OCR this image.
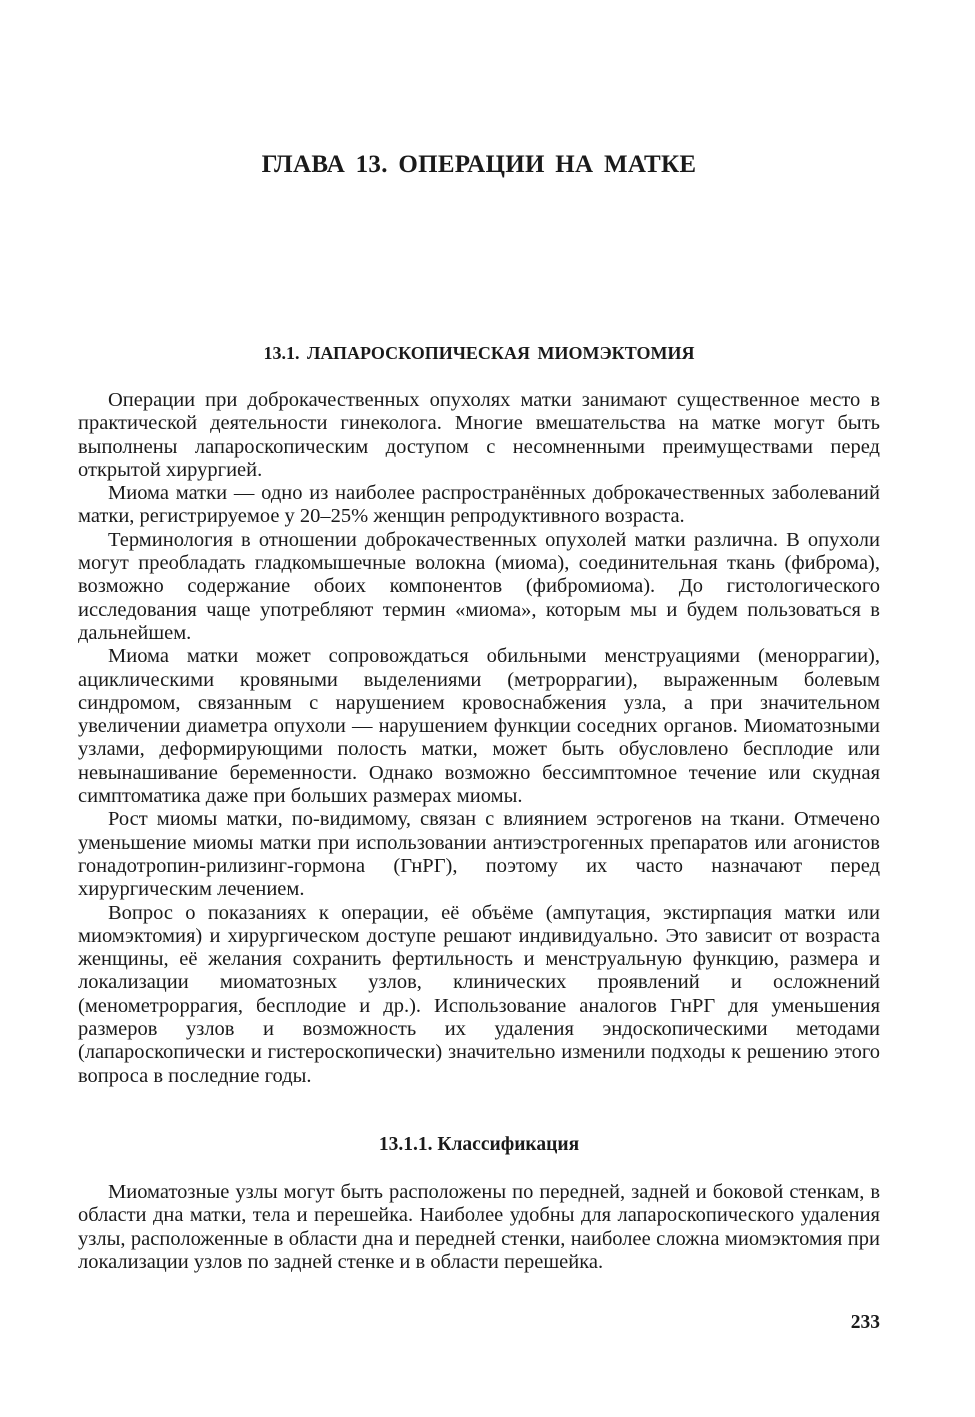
ГЛАВА 13. ОПЕРАЦИИ НА МАТКЕ
13.1. ЛАПАРОСКОПИЧЕСКАЯ МИОМЭКТОМИЯ

Операции при доброкачественных опухолях матки занимают существенное место в практической деятельности гинеколога. Многие вмешательства на матке могут быть выполнены лапароскопическим доступом с несомненными преимуществами перед открытой хирургией.

Миома матки — одно из наиболее распространённых доброкачественных заболеваний матки, регистрируемое у 20–25% женщин репродуктивного возраста.

Терминология в отношении доброкачественных опухолей матки различна. В опухоли могут преобладать гладкомышечные волокна (миома), соединительная ткань (фиброма), возможно содержание обоих компонентов (фибромиома). До гистологического исследования чаще употребляют термин «миома», которым мы и будем пользоваться в дальнейшем.

Миома матки может сопровождаться обильными менструациями (меноррагии), ациклическими кровяными выделениями (метроррагии), выраженным болевым синдромом, связанным с нарушением кровоснабжения узла, а при значительном увеличении диаметра опухоли — нарушением функции соседних органов. Миоматозными узлами, деформирующими полость матки, может быть обусловлено бесплодие или невынашивание беременности. Однако возможно бессимптомное течение или скудная симптоматика даже при больших размерах миомы.

Рост миомы матки, по-видимому, связан с влиянием эстрогенов на ткани. Отмечено уменьшение миомы матки при использовании антиэстрогенных препаратов или агонистов гонадотропин-рилизинг-гормона (ГнРГ), поэтому их часто назначают перед хирургическим лечением.

Вопрос о показаниях к операции, её объёме (ампутация, экстирпация матки или миомэктомия) и хирургическом доступе решают индивидуально. Это зависит от возраста женщины, её желания сохранить фертильность и менструальную функцию, размера и локализации миоматозных узлов, клинических проявлений и осложнений (менометроррагия, бесплодие и др.). Использование аналогов ГнРГ для уменьшения размеров узлов и возможность их удаления эндоскопическими методами (лапароскопически и гистероскопически) значительно изменили подходы к решению этого вопроса в последние годы.

13.1.1. Классификация

Миоматозные узлы могут быть расположены по передней, задней и боковой стенкам, в области дна матки, тела и перешейка. Наиболее удобны для лапароскопического удаления узлы, расположенные в области дна и передней стенки, наиболее сложна миомэктомия при локализации узлов по задней стенке и в области перешейка.

233
